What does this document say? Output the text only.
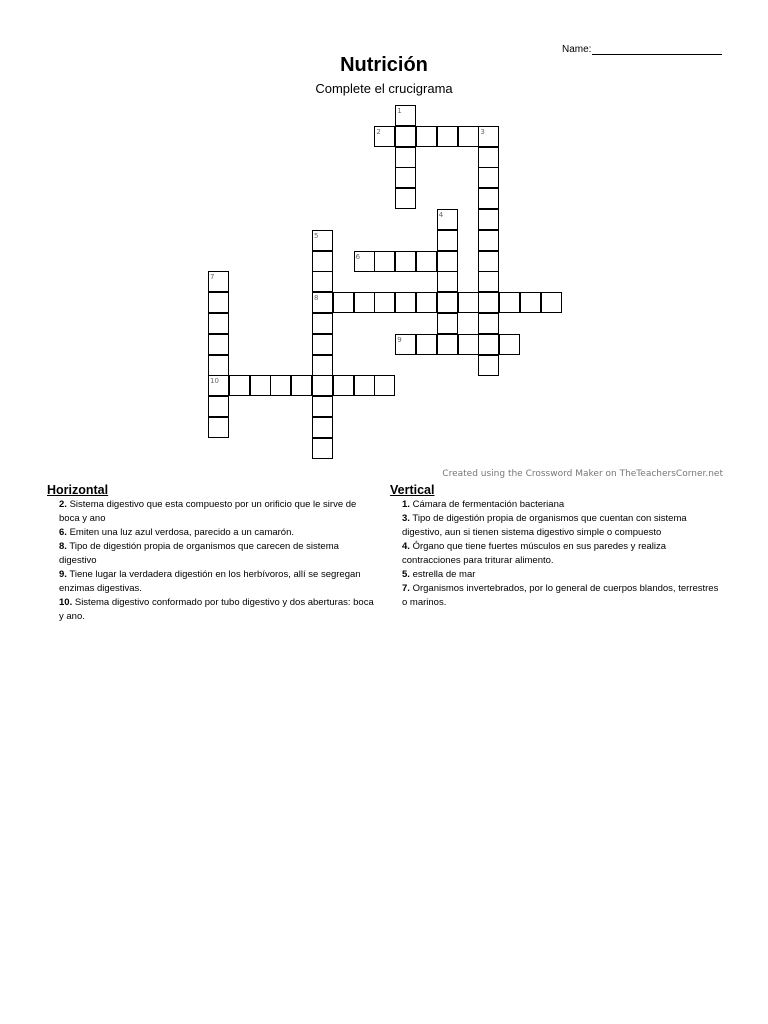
Name:
Nutrición
Complete el crucigrama
1
2	3
4
5
6
7
8
9
10
Created using the Crossword Maker on TheTeachersCorner.net
Horizontal
2. Sistema digestivo que esta compuesto por un orificio que le sirve de boca y ano
6. Emiten una luz azul verdosa, parecido a un camarón.
8. Tipo de digestión propia de organismos que carecen de sistema digestivo
9. Tiene lugar la verdadera digestión en los herbívoros, allí se segregan enzimas digestivas.
10. Sistema digestivo conformado por tubo digestivo y dos aberturas: boca y ano.
Vertical
1. Cámara de fermentación bacteriana
3. Tipo de digestión propia de organismos que cuentan con sistema digestivo, aun si tienen sistema digestivo simple o compuesto
4. Órgano que tiene fuertes músculos en sus paredes y realiza contracciones para triturar alimento.
5. estrella de mar
7. Organismos invertebrados, por lo general de cuerpos blandos, terrestres o marinos.
